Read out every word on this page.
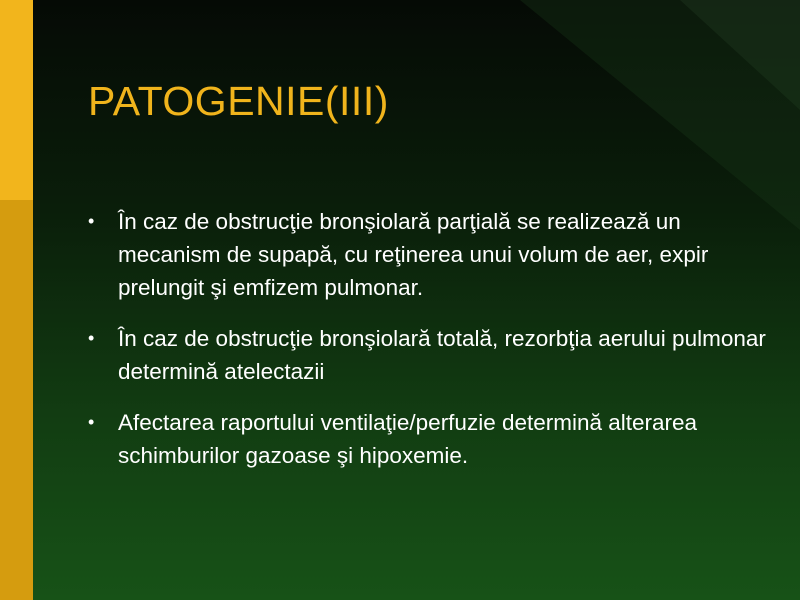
PATOGENIE(III)
• În caz de obstrucţie bronşiolară parţială se realizează un mecanism de supapă, cu reţinerea unui volum de aer, expir prelungit şi emfizem pulmonar.
• În caz de obstrucţie bronşiolară totală, rezorbţia aerului pulmonar determină atelectazii
• Afectarea raportului ventilaţie/perfuzie determină alterarea schimburilor gazoase şi hipoxemie.
